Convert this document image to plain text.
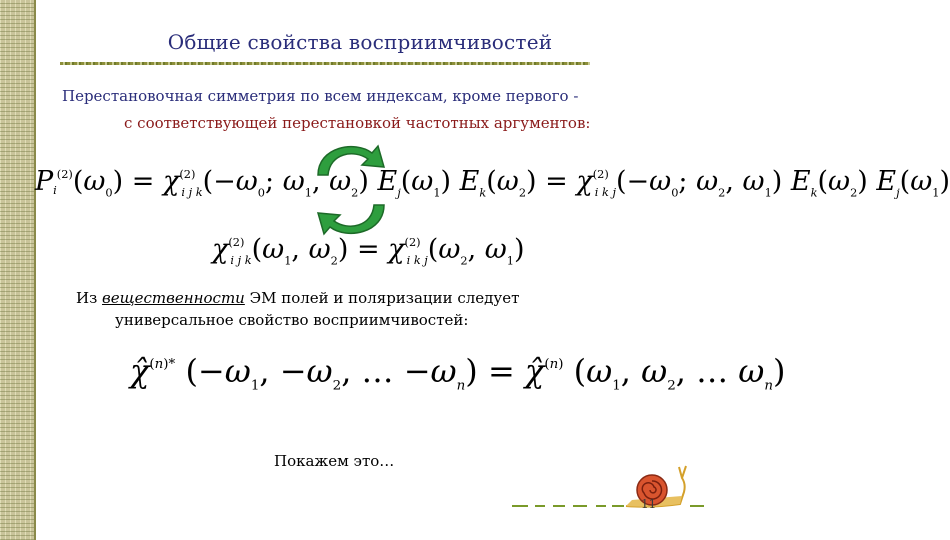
Общие свойства восприимчивостей
Перестановочная симметрия по всем индексам, кроме первого -
с соответствующей перестановкой частотных аргументов:
$P_i^{(2)}(\omega_0) = \chi^{(2)}_{i j k}(-\omega_0$; $\omega_1$, $\omega_2$) $E_j(\omega_1) E_k(\omega_2) = \chi^{(2)}_{i k j}(-\omega_0$; $\omega_2$, $\omega_1$) $E_k(\omega_2)$ $E_j(\omega_1)$
$\chi^{(2)}_{i j k}(\omega_1$, $\omega_2) = \chi^{(2)}_{i k j}(\omega_2$, $\omega_1$)
Из вещественности ЭМ полей и поляризации следует
универсальное свойство восприимчивостей:
χ̂$^{(n)*}$ ($-\omega_1$, $-\omega_2$, … $-\omega_n$) = χ̂$^{(n)}$ ($\omega_1$, $\omega_2$, … $\omega_n$)
Покажем это…
11
